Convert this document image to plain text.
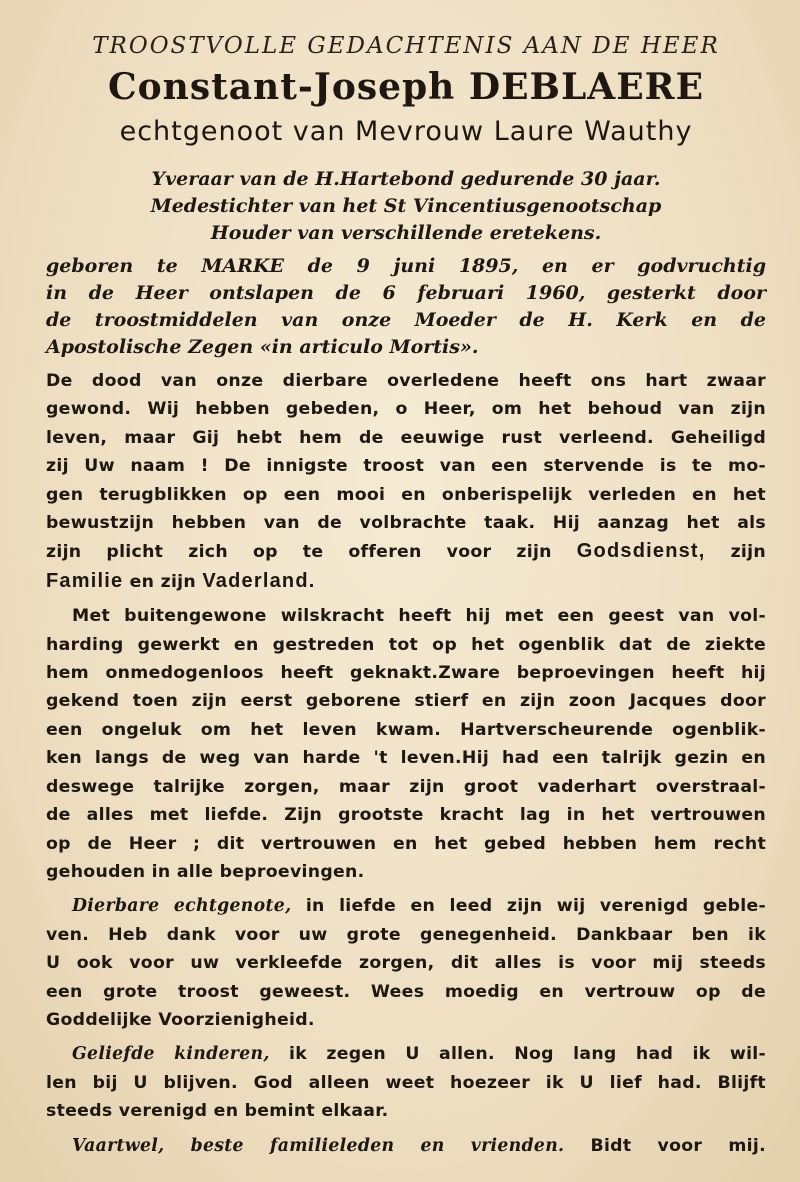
TROOSTVOLLE GEDACHTENIS AAN DE HEER
Constant-Joseph DEBLAERE
echtgenoot van Mevrouw Laure Wauthy
Yveraar van de H.Hartebond gedurende 30 jaar.
Medestichter van het St Vincentiusgenootschap
Houder van verschillende eretekens.
geboren te MARKE de 9 juni 1895, en er godvruchtig
in de Heer ontslapen de 6 februari 1960, gesterkt door
de troostmiddelen van onze Moeder de H. Kerk en de
Apostolische Zegen «in articulo Mortis».
De dood van onze dierbare overledene heeft ons hart zwaar
gewond. Wij hebben gebeden, o Heer, om het behoud van zijn
leven, maar Gij hebt hem de eeuwige rust verleend. Geheiligd
zij Uw naam ! De innigste troost van een stervende is te mo-
gen terugblikken op een mooi en onberispelijk verleden en het
bewustzijn hebben van de volbrachte taak. Hij aanzag het als
zijn plicht zich op te offeren voor zijn Godsdienst, zijn
Familie en zijn Vaderland.
Met buitengewone wilskracht heeft hij met een geest van vol-
harding gewerkt en gestreden tot op het ogenblik dat de ziekte
hem onmedogenloos heeft geknakt.Zware beproevingen heeft hij
gekend toen zijn eerst geborene stierf en zijn zoon Jacques door
een ongeluk om het leven kwam. Hartverscheurende ogenblik-
ken langs de weg van harde 't leven.Hij had een talrijk gezin en
deswege talrijke zorgen, maar zijn groot vaderhart overstraal-
de alles met liefde. Zijn grootste kracht lag in het vertrouwen
op de Heer ; dit vertrouwen en het gebed hebben hem recht
gehouden in alle beproevingen.
Dierbare echtgenote, in liefde en leed zijn wij verenigd geble-
ven. Heb dank voor uw grote genegenheid. Dankbaar ben ik
U ook voor uw verkleefde zorgen, dit alles is voor mij steeds
een grote troost geweest. Wees moedig en vertrouw op de
Goddelijke Voorzienigheid.
Geliefde kinderen, ik zegen U allen. Nog lang had ik wil-
len bij U blijven. God alleen weet hoezeer ik U lief had. Blijft
steeds verenigd en bemint elkaar.
Vaartwel, beste familieleden en vrienden. Bidt voor mij.
